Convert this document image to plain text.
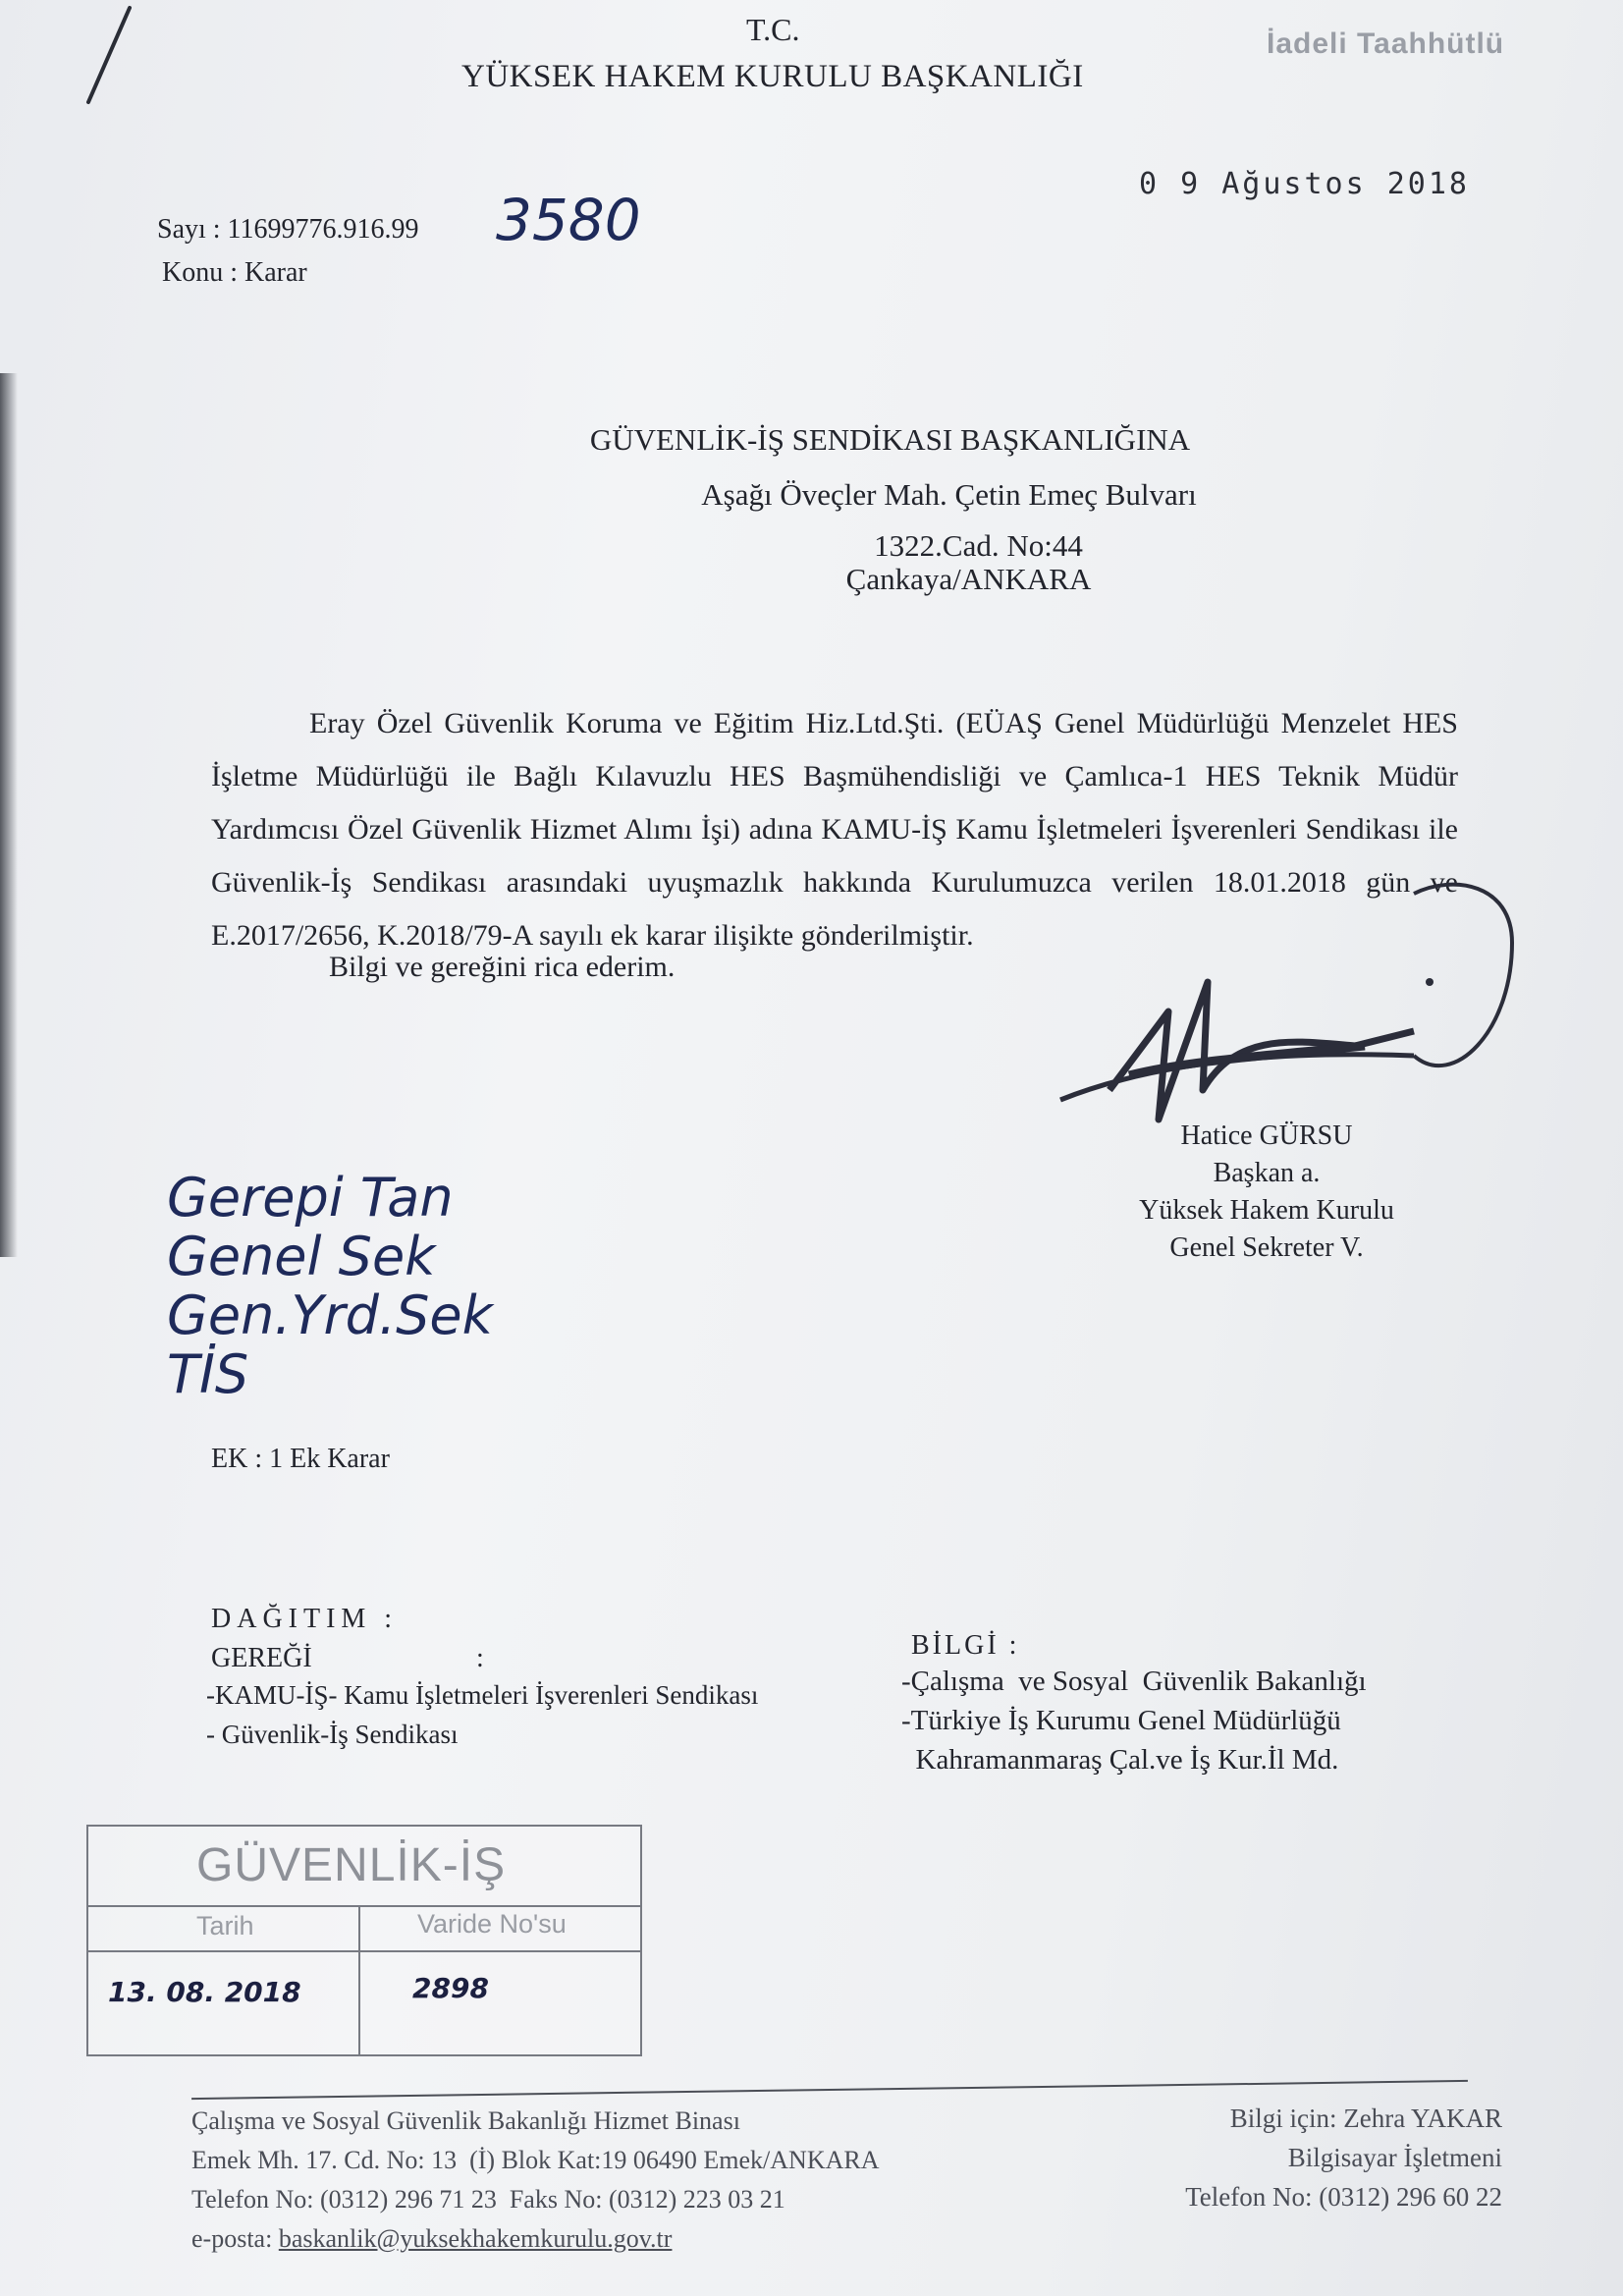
T.C.
YÜKSEK HAKEM KURULU BAŞKANLIĞI
İadeli Taahhütlü
Sayı : 11699776.916.99 3580
Konu : Karar
0 9 Ağustos 2018
GÜVENLİK-İŞ SENDİKASI BAŞKANLIĞINA
Aşağı Öveçler Mah. Çetin Emeç Bulvarı
1322.Cad. No:44
Çankaya/ANKARA
Eray Özel Güvenlik Koruma ve Eğitim Hiz.Ltd.Şti. (EÜAŞ Genel Müdürlüğü Menzelet HES İşletme Müdürlüğü ile Bağlı Kılavuzlu HES Başmühendisliği ve Çamlıca-1 HES Teknik Müdür Yardımcısı Özel Güvenlik Hizmet Alımı İşi) adına KAMU-İŞ Kamu İşletmeleri İşverenleri Sendikası ile Güvenlik-İş Sendikası arasındaki uyuşmazlık hakkında Kurulumuzca verilen 18.01.2018 gün ve E.2017/2656, K.2018/79-A sayılı ek karar ilişikte gönderilmiştir.
Bilgi ve gereğini rica ederim.
Hatice GÜRSU
Başkan a.
Yüksek Hakem Kurulu
Genel Sekreter V.
Gerepi Tan
Genel Sek
Gen.Yrd.Sek
TİS
EK : 1 Ek Karar
DAĞITIM :
GEREĞİ	:
-KAMU-İŞ- Kamu İşletmeleri İşverenleri Sendikası
- Güvenlik-İş Sendikası
BİLGİ :
-Çalışma  ve Sosyal  Güvenlik Bakanlığı
-Türkiye İş Kurumu Genel Müdürlüğü
Kahramanmaraş Çal.ve İş Kur.İl Md.
GÜVENLİK-İŞ
Tarih	Varide No'su
13. 08. 2018	2898
Çalışma ve Sosyal Güvenlik Bakanlığı Hizmet Binası
Emek Mh. 17. Cd. No: 13  (İ) Blok Kat:19 06490 Emek/ANKARA
Telefon No: (0312) 296 71 23  Faks No: (0312) 223 03 21
e-posta: baskanlik@yuksekhakemkurulu.gov.tr
Bilgi için: Zehra YAKAR
Bilgisayar İşletmeni
Telefon No: (0312) 296 60 22
